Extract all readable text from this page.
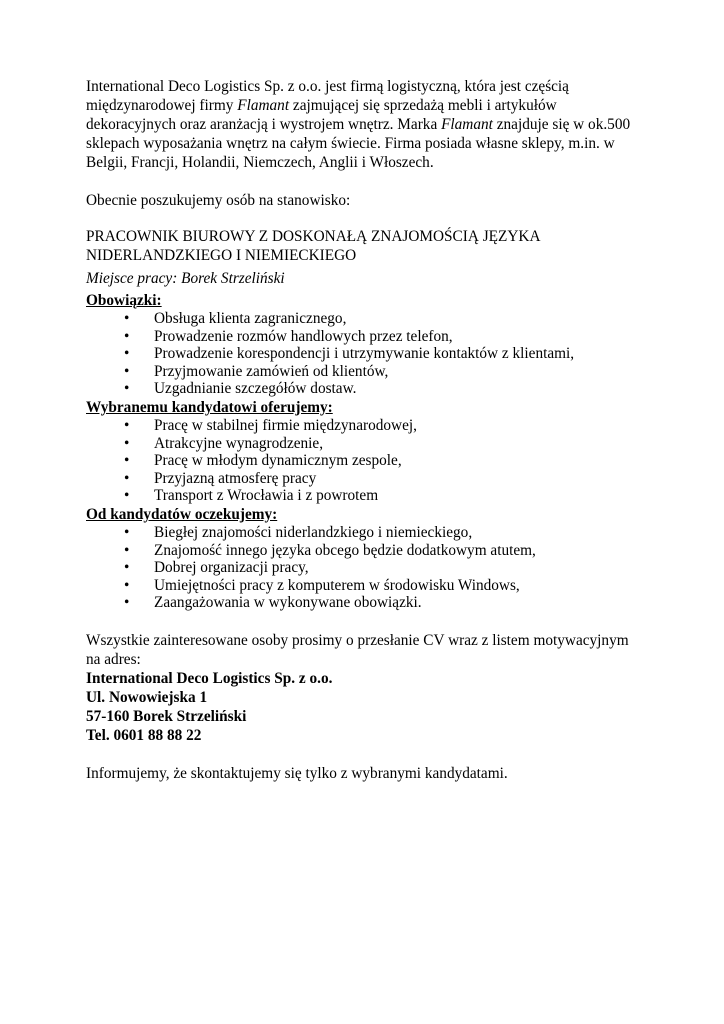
International Deco Logistics Sp. z o.o. jest firmą logistyczną, która jest częścią międzynarodowej firmy Flamant zajmującej się sprzedażą mebli i artykułów dekoracyjnych oraz aranżacją i wystrojem wnętrz. Marka Flamant znajduje się w ok.500 sklepach wyposażania wnętrz na całym świecie. Firma posiada własne sklepy, m.in. w Belgii, Francji, Holandii, Niemczech, Anglii i Włoszech.

Obecnie poszukujemy osób na stanowisko:

PRACOWNIK BIUROWY Z DOSKONAŁĄ ZNAJOMOŚCIĄ JĘZYKA NIDERLANDZKIEGO I NIEMIECKIEGO

Miejsce pracy: Borek Strzeliński

Obowiązki:

• Obsługa klienta zagranicznego,
• Prowadzenie rozmów handlowych przez telefon,
• Prowadzenie korespondencji i utrzymywanie kontaktów z klientami,
• Przyjmowanie zamówień od klientów,
• Uzgadnianie szczegółów dostaw.

Wybranemu kandydatowi oferujemy:

• Pracę w stabilnej firmie międzynarodowej,
• Atrakcyjne wynagrodzenie,
• Pracę w młodym dynamicznym zespole,
• Przyjazną atmosferę pracy
• Transport z Wrocławia i z powrotem

Od kandydatów oczekujemy:

• Biegłej znajomości niderlandzkiego i niemieckiego,
• Znajomość innego języka obcego będzie dodatkowym atutem,
• Dobrej organizacji pracy,
• Umiejętności pracy z komputerem w środowisku Windows,
• Zaangażowania w wykonywane obowiązki.

Wszystkie zainteresowane osoby prosimy o przesłanie CV wraz z listem motywacyjnym na adres:

International Deco Logistics Sp. z o.o.
Ul. Nowowiejska 1
57-160 Borek Strzeliński
Tel. 0601 88 88 22

Informujemy, że skontaktujemy się tylko z wybranymi kandydatami.
